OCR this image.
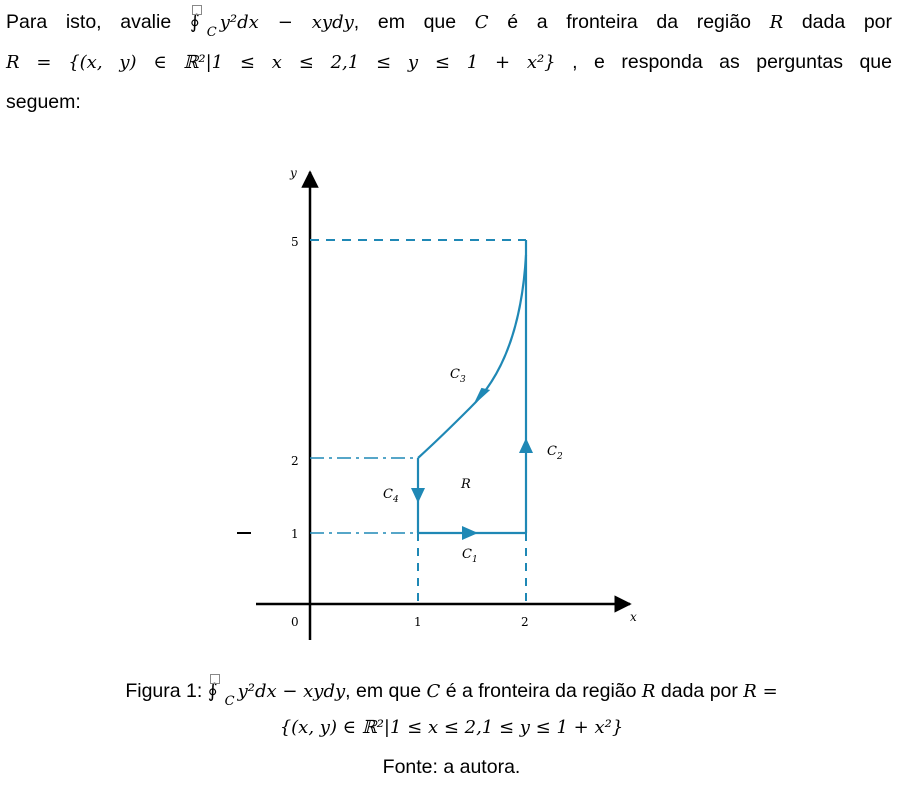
Para isto, avalie ∮ $_C$ y²dx − xydy, em que C é a fronteira da região R dada por
R = {(x, y) ∈ ℝ²|1 ≤ x ≤ 2,1 ≤ y ≤ 1 + x²} , e responda as perguntas que
seguem:
y
x
0	1	2
1
2
5
$C_1$
$C_2$
$C_3$
$C_4$
R
Figura 1: ∮ $_C$ y²dx − xydy, em que C é a fronteira da região R dada por R =
{(x, y) ∈ ℝ²|1 ≤ x ≤ 2,1 ≤ y ≤ 1 + x²}
Fonte: a autora.
